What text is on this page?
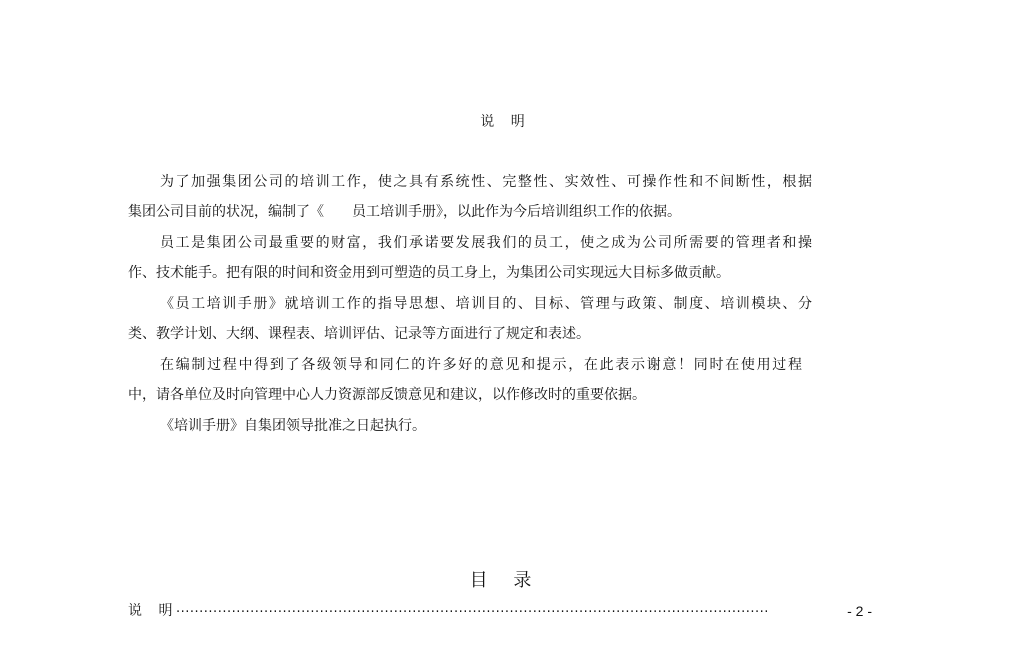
说 明
为了加强集团公司的培训工作，使之具有系统性、完整性、实效性、可操作性和不间断性，根据
集团公司目前的状况，编制了《　　员工培训手册》，以此作为今后培训组织工作的依据。
员工是集团公司最重要的财富，我们承诺要发展我们的员工，使之成为公司所需要的管理者和操
作、技术能手。把有限的时间和资金用到可塑造的员工身上，为集团公司实现远大目标多做贡献。
《员工培训手册》就培训工作的指导思想、培训目的、目标、管理与政策、制度、培训模块、分
类、教学计划、大纲、课程表、培训评估、记录等方面进行了规定和表述。
在编制过程中得到了各级领导和同仁的许多好的意见和提示，在此表示谢意！同时在使用过程
中，请各单位及时向管理中心人力资源部反馈意见和建议，以作修改时的重要依据。
《培训手册》自集团领导批准之日起执行。
目 录
说 明
................................................................................................................................	- 2 -
